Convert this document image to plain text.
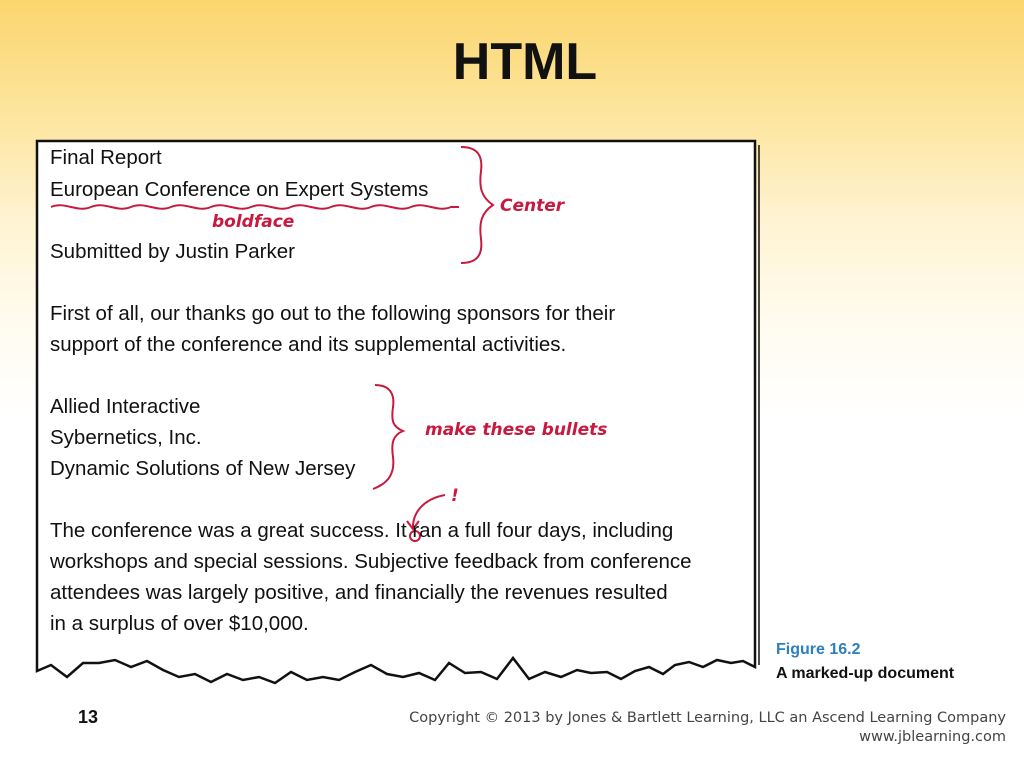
HTML
Final Report
European Conference on Expert Systems
Submitted by Justin Parker
First of all, our thanks go out to the following sponsors for their
support of the conference and its supplemental activities.
Allied Interactive
Sybernetics, Inc.
Dynamic Solutions of New Jersey
The conference was a great success. It ran a full four days, including
workshops and special sessions. Subjective feedback from conference
attendees was largely positive, and financially the revenues resulted
in a surplus of over $10,000.
Center
boldface
make these bullets
!
Figure 16.2
A marked-up document
13	Copyright © 2013 by Jones & Bartlett Learning, LLC an Ascend Learning Company
www.jblearning.com
